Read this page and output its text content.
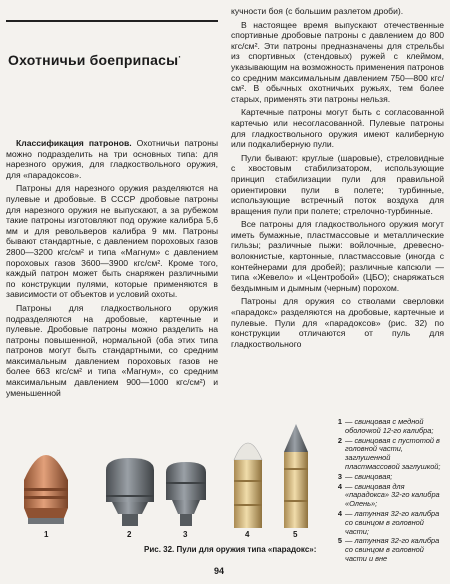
Охотничьи боеприпасы·

Классификация патронов. Охотничьи патроны можно подразделить на три основных типа: для нарезного оружия, для гладкоствольного оружия, для «парадоксов».

Патроны для нарезного оружия разделяются на пулевые и дробовые. В СССР дробовые патроны для нарезного оружия не выпускают, а за рубежом такие патроны изготовляют под оружие калибра 5,6 мм и для револьверов калибра 9 мм. Патроны бывают стандартные, с давлением пороховых газов 2800—3200 кгс/см² и типа «Магнум» с давлением пороховых газов 3600—3900 кгс/см². Кроме того, каждый патрон может быть снаряжен различными по конструкции пулями, которые применяются в зависимости от объектов и условий охоты.

Патроны для гладкоствольного оружия подразделяются на дробовые, картечные и пулевые. Дробовые патроны можно разделить на патроны повышенной, нормальной (оба этих типа патронов могут быть стандартными, со средним максимальным давлением пороховых газов не более 663 кгс/см² и типа «Магнум», со средним максимальным давлением 900—1000 кгс/см²) и уменьшенной

кучности боя (с большим разлетом дроби).

В настоящее время выпускают отечественные спортивные дробовые патроны с давлением до 800 кгс/см². Эти патроны предназначены для стрельбы из спортивных (стендовых) ружей с клеймом, указывающим на возможность применения патронов со средним максимальным давлением 750—800 кгс/см². В обычных охотничьих ружьях, тем более старых, применять эти патроны нельзя.

Картечные патроны могут быть с согласованной картечью или несогласованной. Пулевые патроны для гладкоствольного оружия имеют калиберную или подкалиберную пули.

Пули бывают: круглые (шаровые), стреловидные с хвостовым стабилизатором, использующие принцип стабилизации пули для правильной ориентировки пули в полете; турбинные, использующие встречный поток воздуха для вращения пули при полете; стрелочно-турбинные.

Все патроны для гладкоствольного оружия могут иметь бумажные, пластмассовые и металлические гильзы; различные пыжи: войлочные, древесно-волокнистые, картонные, пластмассовые (иногда с контейнерами для дробей); различные капсюли — типа «Жевело» и «Центробой» (ЦБО); снаряжаться бездымным и дымным (черным) порохом.

Патроны для оружия со стволами сверловки «парадокс» разделяются на дробовые, картечные и пулевые. Пули для «парадоксов» (рис. 32) по конструкции отличаются от пуль для гладкоствольного

1	2	3	4	5
1 — свинцовая с медной оболочкой 12-го калибра;
2 — свинцовая с пустотой в головной части, заглушенной пластмассовой заглушкой;
3 — свинцовая;
4 — свинцовая для «парадокса» 32-го калибра «Олень»;
4 — латунная 32-го калибра со свинцом в головной части;
5 — латунная 32-го калибра со свинцом в головной части и вне
Рис. 32. Пули для оружия типа «парадокс»:
94
